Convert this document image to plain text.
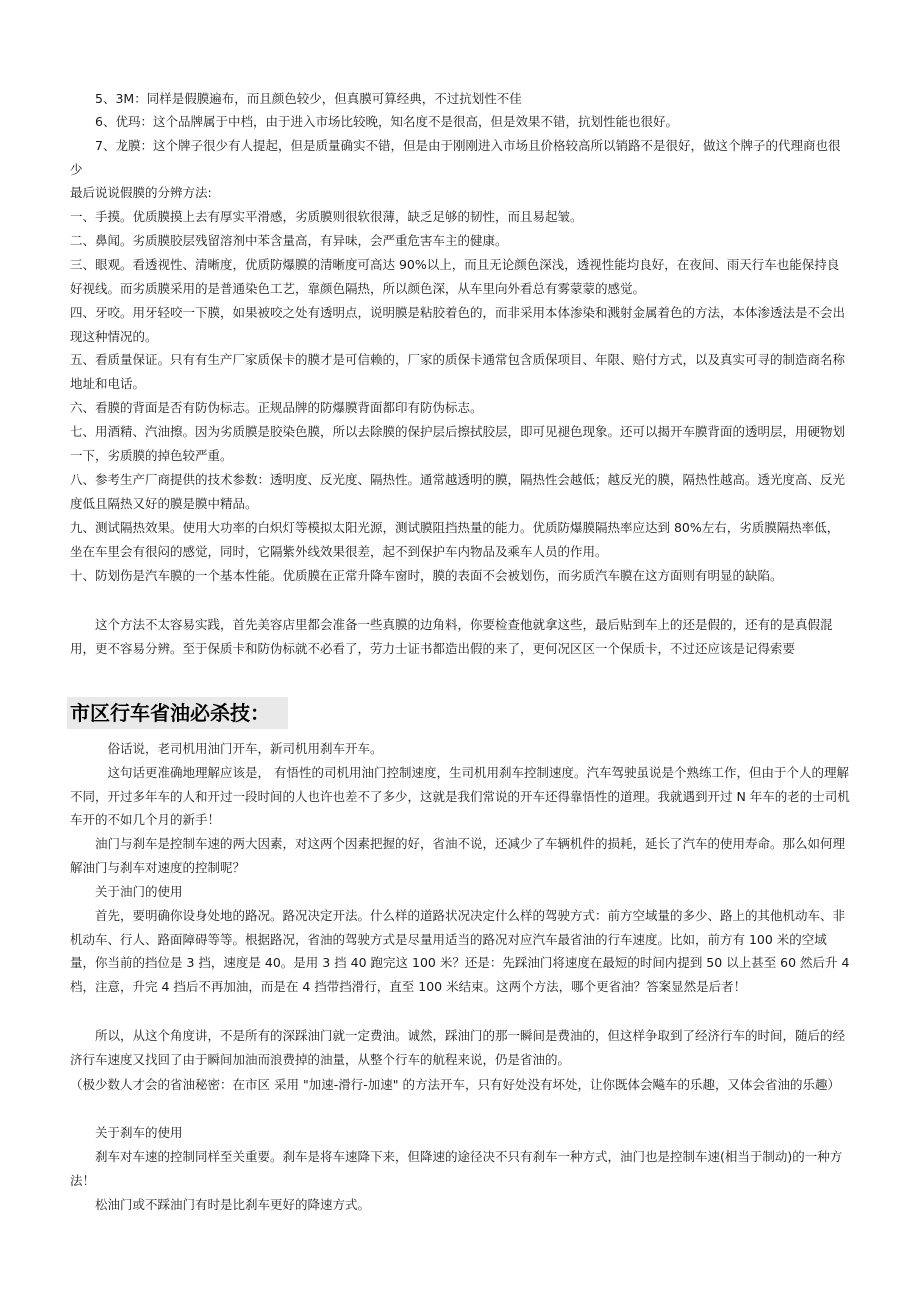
　　5、3M：同样是假膜遍布，而且颜色较少，但真膜可算经典，不过抗划性不佳

　　6、优玛：这个品牌属于中档，由于进入市场比较晚，知名度不是很高，但是效果不错，抗划性能也很好。

　　7、龙膜：这个牌子很少有人提起，但是质量确实不错，但是由于刚刚进入市场且价格较高所以销路不是很好，做这个牌子的代理商也很少

最后说说假膜的分辨方法:

一、手摸。优质膜摸上去有厚实平滑感，劣质膜则很软很薄，缺乏足够的韧性，而且易起皱。

二、鼻闻。劣质膜胶层残留溶剂中苯含量高，有异味，会严重危害车主的健康。

三、眼观。看透视性、清晰度，优质防爆膜的清晰度可高达 90%以上，而且无论颜色深浅，透视性能均良好，在夜间、雨天行车也能保持良好视线。而劣质膜采用的是普通染色工艺，靠颜色隔热，所以颜色深，从车里向外看总有雾蒙蒙的感觉。

四、牙咬。用牙轻咬一下膜，如果被咬之处有透明点，说明膜是粘胶着色的，而非采用本体渗染和溅射金属着色的方法，本体渗透法是不会出现这种情况的。

五、看质量保证。只有有生产厂家质保卡的膜才是可信赖的，厂家的质保卡通常包含质保项目、年限、赔付方式，以及真实可寻的制造商名称地址和电话。

六、看膜的背面是否有防伪标志。正规品牌的防爆膜背面都印有防伪标志。

七、用酒精、汽油擦。因为劣质膜是胶染色膜，所以去除膜的保护层后擦拭胶层，即可见褪色现象。还可以揭开车膜背面的透明层，用硬物划一下，劣质膜的掉色较严重。

八、参考生产厂商提供的技术参数：透明度、反光度、隔热性。通常越透明的膜，隔热性会越低；越反光的膜，隔热性越高。透光度高、反光度低且隔热又好的膜是膜中精品。

九、测试隔热效果。使用大功率的白炽灯等模拟太阳光源，测试膜阻挡热量的能力。优质防爆膜隔热率应达到 80%左右，劣质膜隔热率低，坐在车里会有很闷的感觉，同时，它隔紫外线效果很差，起不到保护车内物品及乘车人员的作用。

十、防划伤是汽车膜的一个基本性能。优质膜在正常升降车窗时，膜的表面不会被划伤，而劣质汽车膜在这方面则有明显的缺陷。

　　这个方法不太容易实践，首先美容店里都会准备一些真膜的边角料，你要检查他就拿这些，最后贴到车上的还是假的，还有的是真假混用，更不容易分辨。至于保质卡和防伪标就不必看了，劳力士证书都造出假的来了，更何况区区一个保质卡，不过还应该是记得索要

市区行车省油必杀技：

　　　俗话说，老司机用油门开车，新司机用刹车开车。

　　　这句话更准确地理解应该是， 有悟性的司机用油门控制速度，生司机用刹车控制速度。汽车驾驶虽说是个熟练工作，但由于个人的理解不同，开过多年车的人和开过一段时间的人也许也差不了多少，这就是我们常说的开车还得靠悟性的道理。我就遇到开过 N 年车的老的士司机车开的不如几个月的新手！

　　油门与刹车是控制车速的两大因素，对这两个因素把握的好，省油不说，还减少了车辆机件的损耗，延长了汽车的使用寿命。那么如何理解油门与刹车对速度的控制呢？

　　关于油门的使用

　　首先，要明确你设身处地的路况。路况决定开法。什么样的道路状况决定什么样的驾驶方式：前方空域量的多少、路上的其他机动车、非机动车、行人、路面障碍等等。根据路况，省油的驾驶方式是尽量用适当的路况对应汽车最省油的行车速度。比如，前方有 100 米的空域量，你当前的挡位是 3 挡，速度是 40。是用 3 挡 40 跑完这 100 米？还是：先踩油门将速度在最短的时间内提到 50 以上甚至 60 然后升 4 档，注意，升完 4 挡后不再加油，而是在 4 挡带挡滑行，直至 100 米结束。这两个方法，哪个更省油？答案显然是后者！

　　所以，从这个角度讲，不是所有的深踩油门就一定费油。诚然，踩油门的那一瞬间是费油的，但这样争取到了经济行车的时间，随后的经济行车速度又找回了由于瞬间加油而浪费掉的油量，从整个行车的航程来说，仍是省油的。

（极少数人才会的省油秘密：在市区 采用 "加速-滑行-加速" 的方法开车，只有好处没有坏处，让你既体会飚车的乐趣，又体会省油的乐趣）

　　关于刹车的使用

　　刹车对车速的控制同样至关重要。刹车是将车速降下来，但降速的途径决不只有刹车一种方式，油门也是控制车速(相当于制动)的一种方法！

　　松油门或不踩油门有时是比刹车更好的降速方式。
